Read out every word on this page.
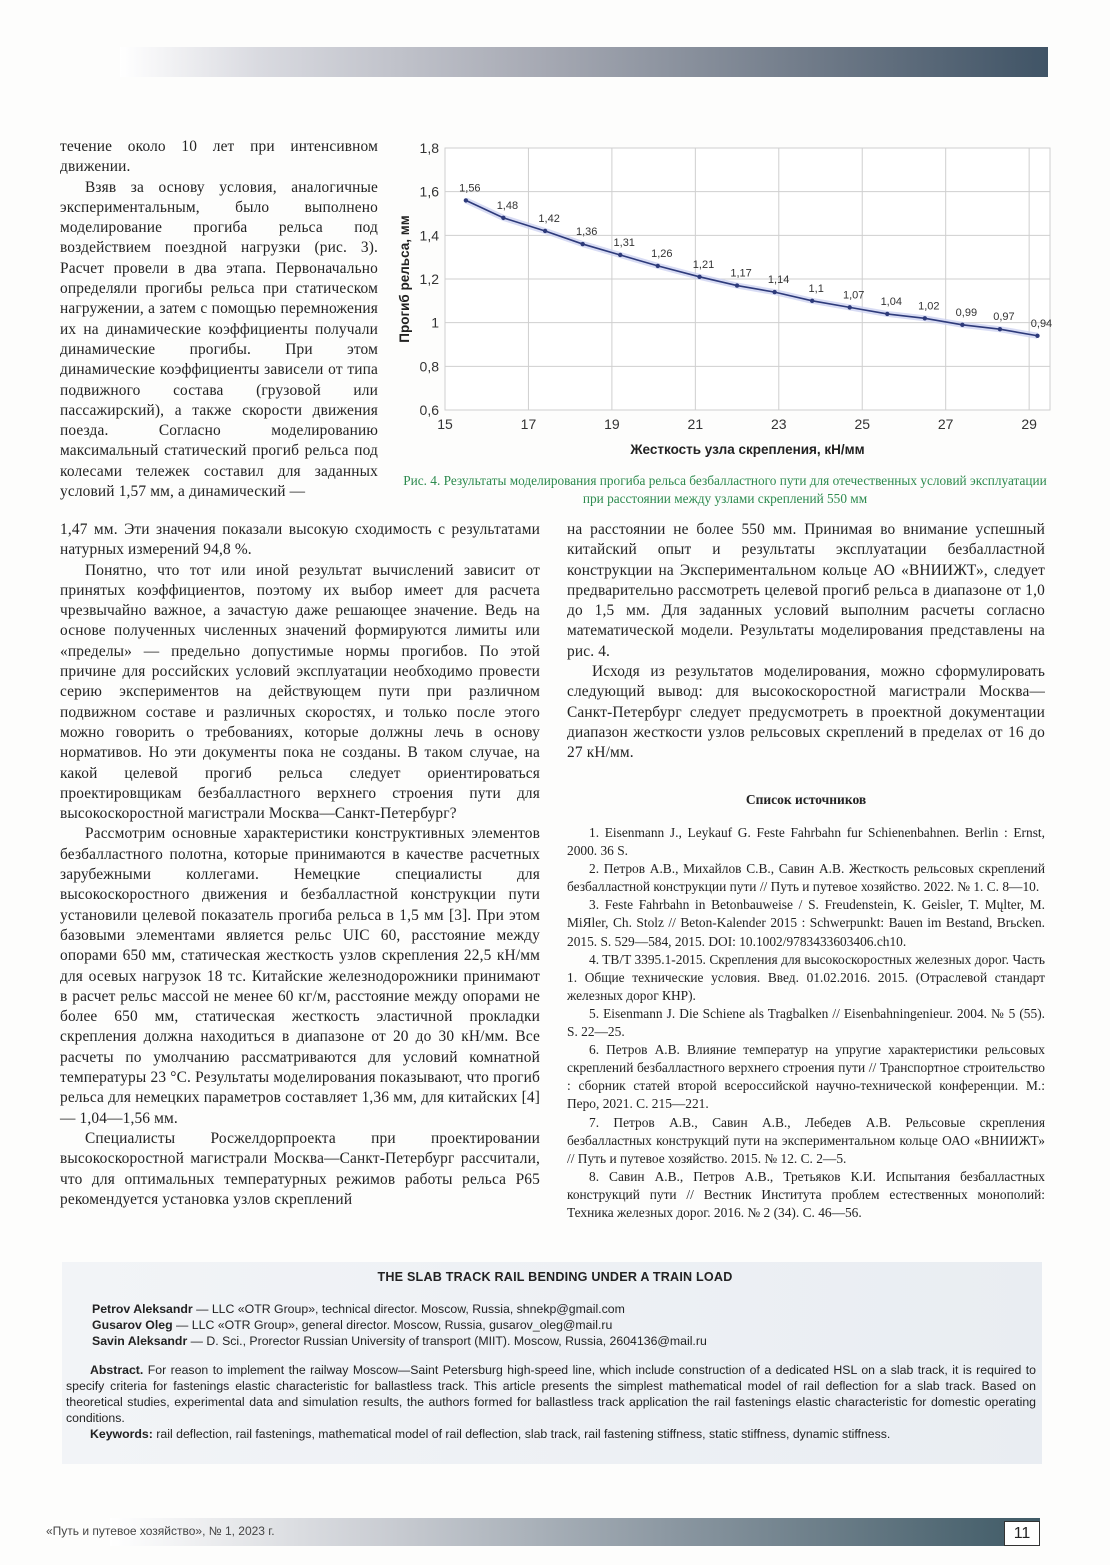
течение около 10 лет при интенсивном движении.

Взяв за основу условия, аналогичные экспериментальным, было выполнено моделирование прогиба рельса под воздействием поездной нагрузки (рис. 3). Расчет провели в два этапа. Первоначально определяли прогибы рельса при статическом нагружении, а затем с помощью перемножения их на динамические коэффициенты получали динамические прогибы. При этом динамические коэффициенты зависели от типа подвижного состава (грузовой или пассажирский), а также скорости движения поезда. Согласно моделированию максимальный статический прогиб рельса под колесами тележек составил для заданных условий 1,57 мм, а динамический —

0,6
0,8
1
1,2
1,4
1,6
1,8
15	17	19	21	23	25	27	29
Жесткость узла скрепления, кН/мм
Прогиб рельса, мм
1,56
1,48
1,42
1,36
1,31
1,26
1,21
1,17
1,14
1,1
1,07
1,04 1,02
0,99 0,97
0,94
Рис. 4. Результаты моделирования прогиба рельса безбалластного пути для отечественных условий эксплуатации при расстоянии между узлами скреплений 550 мм

1,47 мм. Эти значения показали высокую сходимость с результатами натурных измерений 94,8 %.

Понятно, что тот или иной результат вычислений зависит от принятых коэффициентов, поэтому их выбор имеет для расчета чрезвычайно важное, а зачастую даже решающее значение. Ведь на основе полученных численных значений формируются лимиты или «пределы» — предельно допустимые нормы прогибов. По этой причине для российских условий эксплуатации необходимо провести серию экспериментов на действующем пути при различном подвижном составе и различных скоростях, и только после этого можно говорить о требованиях, которые должны лечь в основу нормативов. Но эти документы пока не созданы. В таком случае, на какой целевой прогиб рельса следует ориентироваться проектировщикам безбалластного верхнего строения пути для высокоскоростной магистрали Москва—Санкт-Петербург?

Рассмотрим основные характеристики конструктивных элементов безбалластного полотна, которые принимаются в качестве расчетных зарубежными коллегами. Немецкие специалисты для высокоскоростного движения и безбалластной конструкции пути установили целевой показатель прогиба рельса в 1,5 мм [3]. При этом базовыми элементами является рельс UIC 60, расстояние между опорами 650 мм, статическая жесткость узлов скрепления 22,5 кН/мм для осевых нагрузок 18 тс. Китайские железнодорожники принимают в расчет рельс массой не менее 60 кг/м, расстояние между опорами не более 650 мм, статическая жесткость эластичной прокладки скрепления должна находиться в диапазоне от 20 до 30 кН/мм. Все расчеты по умолчанию рассматриваются для условий комнатной температуры 23 °С. Результаты моделирования показывают, что прогиб рельса для немецких параметров составляет 1,36 мм, для китайских [4] — 1,04—1,56 мм.

Специалисты Росжелдорпроекта при проектировании высокоскоростной магистрали Москва—Санкт-Петербург рассчитали, что для оптимальных температурных режимов работы рельса Р65 рекомендуется установка узлов скреплений

на расстоянии не более 550 мм. Принимая во внимание успешный китайский опыт и результаты эксплуатации безбалластной конструкции на Экспериментальном кольце АО «ВНИИЖТ», следует предварительно рассмотреть целевой прогиб рельса в диапазоне от 1,0 до 1,5 мм. Для заданных условий выполним расчеты согласно математической модели. Результаты моделирования представлены на рис. 4.

Исходя из результатов моделирования, можно сформулировать следующий вывод: для высокоскоростной магистрали Москва—Санкт-Петербург следует предусмотреть в проектной документации диапазон жесткости узлов рельсовых скреплений в пределах от 16 до 27 кН/мм.

Список источников

1. Eisenmann J., Leykauf G. Feste Fahrbahn fur Schienenbahnen. Berlin : Ernst, 2000. 36 S.

2. Петров А.В., Михайлов С.В., Савин А.В. Жесткость рельсовых скреплений безбалластной конструкции пути // Путь и путевое хозяйство. 2022. № 1. С. 8—10.

3. Feste Fahrbahn in Betonbauweise / S. Freudenstein, K. Geisler, T. Mųlter, M. MiЯler, Ch. Stolz // Beton-Kalender 2015 : Schwerpunkt: Bauen im Bestand, Brьcken. 2015. S. 529—584, 2015. DOI: 10.1002/9783433603406.ch10.

4. TB/T 3395.1-2015. Скрепления для высокоскоростных железных дорог. Часть 1. Общие технические условия. Введ. 01.02.2016. 2015. (Отраслевой стандарт железных дорог КНР).

5. Eisenmann J. Die Schiene als Tragbalken // Eisenbahningenieur. 2004. № 5 (55). S. 22—25.

6. Петров А.В. Влияние температур на упругие характеристики рельсовых скреплений безбалластного верхнего строения пути // Транспортное строительство : сборник статей второй всероссийской научно-технической конференции. М.: Перо, 2021. С. 215—221.

7. Петров А.В., Савин А.В., Лебедев А.В. Рельсовые скрепления безбалластных конструкций пути на экспериментальном кольце ОАО «ВНИИЖТ» // Путь и путевое хозяйство. 2015. № 12. С. 2—5.

8. Савин А.В., Петров А.В., Третьяков К.И. Испытания безбалластных конструкций пути // Вестник Института проблем естественных монополий: Техника железных дорог. 2016. № 2 (34). С. 46—56.

THE SLAB TRACK RAIL BENDING UNDER A TRAIN LOAD
Petrov Aleksandr — LLC «OTR Group», technical director. Moscow, Russia, shnekp@gmail.com
Gusarov Oleg — LLC «OTR Group», general director. Moscow, Russia, gusarov_oleg@mail.ru
Savin Aleksandr — D. Sci., Prorector Russian University of transport (MIIT). Moscow, Russia, 2604136@mail.ru

Abstract. For reason to implement the railway Moscow—Saint Petersburg high-speed line, which include construction of a dedicated HSL on a slab track, it is required to specify criteria for fastenings elastic characteristic for ballastless track. This article presents the simplest mathematical model of rail deflection for a slab track. Based on theoretical studies, experimental data and simulation results, the authors formed for ballastless track application the rail fastenings elastic characteristic for domestic operating conditions.

Keywords: rail deflection, rail fastenings, mathematical model of rail deflection, slab track, rail fastening stiffness, static stiffness, dynamic stiffness.

«Путь и путевое хозяйство», № 1, 2023 г.	11
